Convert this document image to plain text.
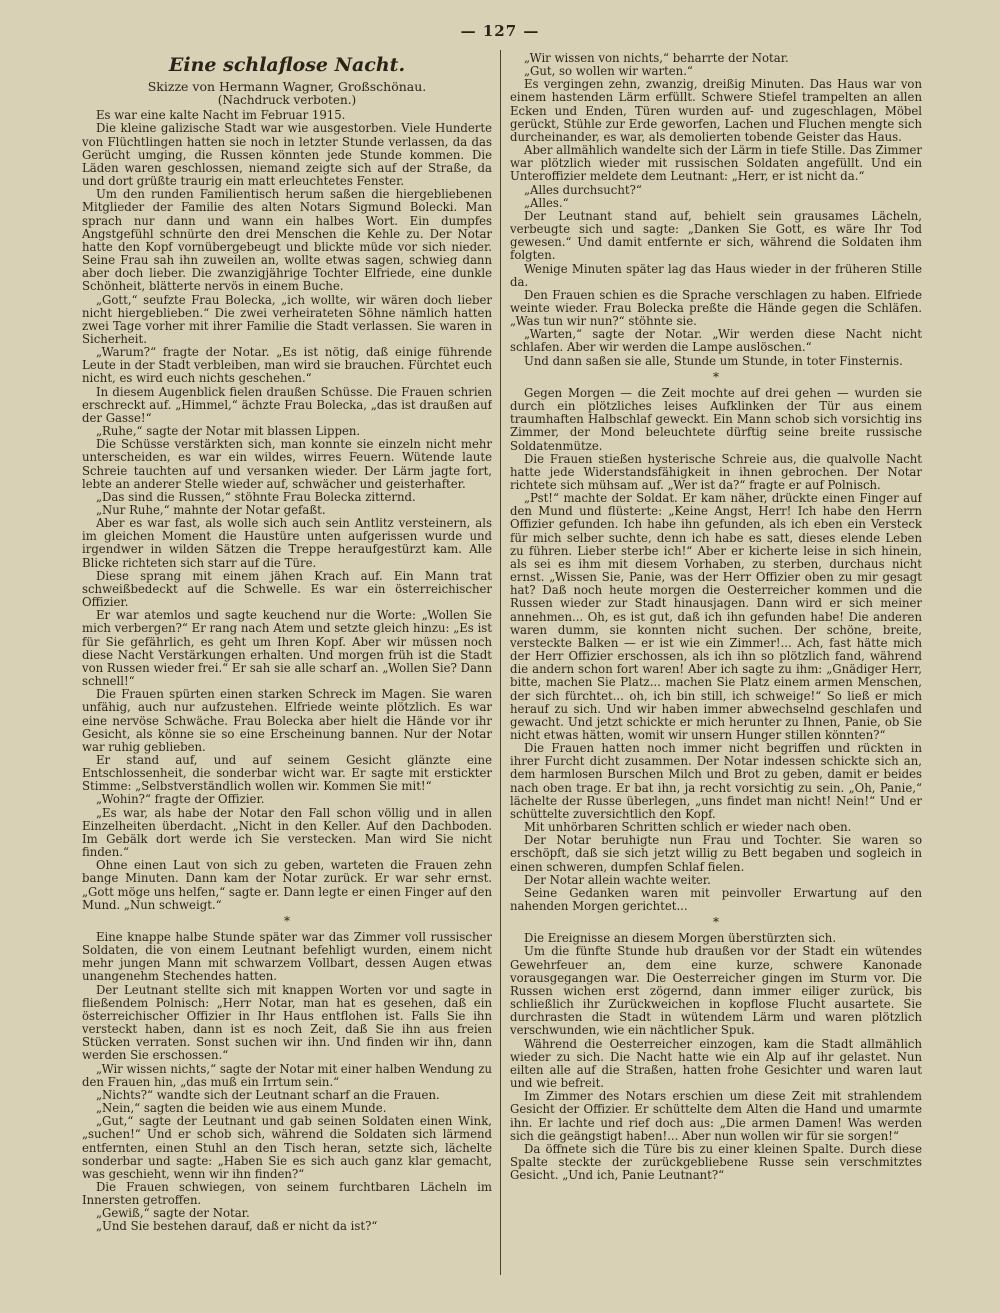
— 127 —
Eine schlaflose Nacht.
Skizze von Hermann Wagner, Großschönau.
(Nachdruck verboten.)

Es war eine kalte Nacht im Februar 1915.

Die kleine galizische Stadt war wie ausgestorben. Viele Hunderte von Flüchtlingen hatten sie noch in letzter Stunde verlassen, da das Gerücht umging, die Russen könnten jede Stunde kommen. Die Läden waren geschlossen, niemand zeigte sich auf der Straße, da und dort grüßte traurig ein matt erleuchtetes Fenster.

Um den runden Familientisch herum saßen die hiergebliebenen Mitglieder der Familie des alten Notars Sigmund Bolecki. Man sprach nur dann und wann ein halbes Wort. Ein dumpfes Angstgefühl schnürte den drei Menschen die Kehle zu. Der Notar hatte den Kopf vornübergebeugt und blickte müde vor sich nieder. Seine Frau sah ihn zuweilen an, wollte etwas sagen, schwieg dann aber doch lieber. Die zwanzigjährige Tochter Elfriede, eine dunkle Schönheit, blätterte nervös in einem Buche.

„Gott,“ seufzte Frau Bolecka, „ich wollte, wir wären doch lieber nicht hiergeblieben.“ Die zwei verheirateten Söhne nämlich hatten zwei Tage vorher mit ihrer Familie die Stadt verlassen. Sie waren in Sicherheit.

„Warum?“ fragte der Notar. „Es ist nötig, daß einige führende Leute in der Stadt verbleiben, man wird sie brauchen. Fürchtet euch nicht, es wird euch nichts geschehen.“

In diesem Augenblick fielen draußen Schüsse. Die Frauen schrien erschreckt auf. „Himmel,“ ächzte Frau Bolecka, „das ist draußen auf der Gasse!“

„Ruhe,“ sagte der Notar mit blassen Lippen.

Die Schüsse verstärkten sich, man konnte sie einzeln nicht mehr unterscheiden, es war ein wildes, wirres Feuern. Wütende laute Schreie tauchten auf und versanken wieder. Der Lärm jagte fort, lebte an anderer Stelle wieder auf, schwächer und geisterhafter.

„Das sind die Russen,“ stöhnte Frau Bolecka zitternd.

„Nur Ruhe,“ mahnte der Notar gefaßt.

Aber es war fast, als wolle sich auch sein Antlitz versteinern, als im gleichen Moment die Haustüre unten aufgerissen wurde und irgendwer in wilden Sätzen die Treppe heraufgestürzt kam. Alle Blicke richteten sich starr auf die Türe.

Diese sprang mit einem jähen Krach auf. Ein Mann trat schweißbedeckt auf die Schwelle. Es war ein österreichischer Offizier.

Er war atemlos und sagte keuchend nur die Worte: „Wollen Sie mich verbergen?“ Er rang nach Atem und setzte gleich hinzu: „Es ist für Sie gefährlich, es geht um Ihren Kopf. Aber wir müssen noch diese Nacht Verstärkungen erhalten. Und morgen früh ist die Stadt von Russen wieder frei.“ Er sah sie alle scharf an. „Wollen Sie? Dann schnell!“

Die Frauen spürten einen starken Schreck im Magen. Sie waren unfähig, auch nur aufzustehen. Elfriede weinte plötzlich. Es war eine nervöse Schwäche. Frau Bolecka aber hielt die Hände vor ihr Gesicht, als könne sie so eine Erscheinung bannen. Nur der Notar war ruhig geblieben.

Er stand auf, und auf seinem Gesicht glänzte eine Entschlossenheit, die sonderbar wicht war. Er sagte mit erstickter Stimme: „Selbstverständlich wollen wir. Kommen Sie mit!“

„Wohin?“ fragte der Offizier.

„Es war, als habe der Notar den Fall schon völlig und in allen Einzelheiten überdacht. „Nicht in den Keller. Auf den Dachboden. Im Gebälk dort werde ich Sie verstecken. Man wird Sie nicht finden.“

Ohne einen Laut von sich zu geben, warteten die Frauen zehn bange Minuten. Dann kam der Notar zurück. Er war sehr ernst. „Gott möge uns helfen,“ sagte er. Dann legte er einen Finger auf den Mund. „Nun schweigt.“

*

Eine knappe halbe Stunde später war das Zimmer voll russischer Soldaten, die von einem Leutnant befehligt wurden, einem nicht mehr jungen Mann mit schwarzem Vollbart, dessen Augen etwas unangenehm Stechendes hatten.

Der Leutnant stellte sich mit knappen Worten vor und sagte in fließendem Polnisch: „Herr Notar, man hat es gesehen, daß ein österreichischer Offizier in Ihr Haus entflohen ist. Falls Sie ihn versteckt haben, dann ist es noch Zeit, daß Sie ihn aus freien Stücken verraten. Sonst suchen wir ihn. Und finden wir ihn, dann werden Sie erschossen.“

„Wir wissen nichts,“ sagte der Notar mit einer halben Wendung zu den Frauen hin, „das muß ein Irrtum sein.“

„Nichts?“ wandte sich der Leutnant scharf an die Frauen.

„Nein,“ sagten die beiden wie aus einem Munde.

„Gut,“ sagte der Leutnant und gab seinen Soldaten einen Wink, „suchen!“ Und er schob sich, während die Soldaten sich lärmend entfernten, einen Stuhl an den Tisch heran, setzte sich, lächelte sonderbar und sagte: „Haben Sie es sich auch ganz klar gemacht, was geschieht, wenn wir ihn finden?“

Die Frauen schwiegen, von seinem furchtbaren Lächeln im Innersten getroffen.

„Gewiß,“ sagte der Notar.

„Und Sie bestehen darauf, daß er nicht da ist?“

„Wir wissen von nichts,“ beharrte der Notar.

„Gut, so wollen wir warten.“

Es vergingen zehn, zwanzig, dreißig Minuten. Das Haus war von einem hastenden Lärm erfüllt. Schwere Stiefel trampelten an allen Ecken und Enden, Türen wurden auf- und zugeschlagen, Möbel gerückt, Stühle zur Erde geworfen, Lachen und Fluchen mengte sich durcheinander, es war, als demolierten tobende Geister das Haus.

Aber allmählich wandelte sich der Lärm in tiefe Stille. Das Zimmer war plötzlich wieder mit russischen Soldaten angefüllt. Und ein Unteroffizier meldete dem Leutnant: „Herr, er ist nicht da.“

„Alles durchsucht?“

„Alles.“

Der Leutnant stand auf, behielt sein grausames Lächeln, verbeugte sich und sagte: „Danken Sie Gott, es wäre Ihr Tod gewesen.“ Und damit entfernte er sich, während die Soldaten ihm folgten.

Wenige Minuten später lag das Haus wieder in der früheren Stille da.

Den Frauen schien es die Sprache verschlagen zu haben. Elfriede weinte wieder. Frau Bolecka preßte die Hände gegen die Schläfen. „Was tun wir nun?“ stöhnte sie.

„Warten,“ sagte der Notar. „Wir werden diese Nacht nicht schlafen. Aber wir werden die Lampe auslöschen.“

Und dann saßen sie alle, Stunde um Stunde, in toter Finsternis.

*

Gegen Morgen — die Zeit mochte auf drei gehen — wurden sie durch ein plötzliches leises Aufklinken der Tür aus einem traumhaften Halbschlaf geweckt. Ein Mann schob sich vorsichtig ins Zimmer, der Mond beleuchtete dürftig seine breite russische Soldatenmütze.

Die Frauen stießen hysterische Schreie aus, die qualvolle Nacht hatte jede Widerstandsfähigkeit in ihnen gebrochen. Der Notar richtete sich mühsam auf. „Wer ist da?“ fragte er auf Polnisch.

„Pst!“ machte der Soldat. Er kam näher, drückte einen Finger auf den Mund und flüsterte: „Keine Angst, Herr! Ich habe den Herrn Offizier gefunden. Ich habe ihn gefunden, als ich eben ein Versteck für mich selber suchte, denn ich habe es satt, dieses elende Leben zu führen. Lieber sterbe ich!“ Aber er kicherte leise in sich hinein, als sei es ihm mit diesem Vorhaben, zu sterben, durchaus nicht ernst. „Wissen Sie, Panie, was der Herr Offizier oben zu mir gesagt hat? Daß noch heute morgen die Oesterreicher kommen und die Russen wieder zur Stadt hinausjagen. Dann wird er sich meiner annehmen... Oh, es ist gut, daß ich ihn gefunden habe! Die anderen waren dumm, sie konnten nicht suchen. Der schöne, breite, versteckte Balken — er ist wie ein Zimmer!... Ach, fast hätte mich der Herr Offizier erschossen, als ich ihn so plötzlich fand, während die andern schon fort waren! Aber ich sagte zu ihm: „Gnädiger Herr, bitte, machen Sie Platz... machen Sie Platz einem armen Menschen, der sich fürchtet... oh, ich bin still, ich schweige!“ So ließ er mich herauf zu sich. Und wir haben immer abwechselnd geschlafen und gewacht. Und jetzt schickte er mich herunter zu Ihnen, Panie, ob Sie nicht etwas hätten, womit wir unsern Hunger stillen könnten?“

Die Frauen hatten noch immer nicht begriffen und rückten in ihrer Furcht dicht zusammen. Der Notar indessen schickte sich an, dem harmlosen Burschen Milch und Brot zu geben, damit er beides nach oben trage. Er bat ihn, ja recht vorsichtig zu sein. „Oh, Panie,“ lächelte der Russe überlegen, „uns findet man nicht! Nein!“ Und er schüttelte zuversichtlich den Kopf.

Mit unhörbaren Schritten schlich er wieder nach oben.

Der Notar beruhigte nun Frau und Tochter. Sie waren so erschöpft, daß sie sich jetzt willig zu Bett begaben und sogleich in einen schweren, dumpfen Schlaf fielen.

Der Notar allein wachte weiter.

Seine Gedanken waren mit peinvoller Erwartung auf den nahenden Morgen gerichtet...

*

Die Ereignisse an diesem Morgen überstürzten sich.

Um die fünfte Stunde hub draußen vor der Stadt ein wütendes Gewehrfeuer an, dem eine kurze, schwere Kanonade vorausgegangen war. Die Oesterreicher gingen im Sturm vor. Die Russen wichen erst zögernd, dann immer eiliger zurück, bis schließlich ihr Zurückweichen in kopflose Flucht ausartete. Sie durchrasten die Stadt in wütendem Lärm und waren plötzlich verschwunden, wie ein nächtlicher Spuk.

Während die Oesterreicher einzogen, kam die Stadt allmählich wieder zu sich. Die Nacht hatte wie ein Alp auf ihr gelastet. Nun eilten alle auf die Straßen, hatten frohe Gesichter und waren laut und wie befreit.

Im Zimmer des Notars erschien um diese Zeit mit strahlendem Gesicht der Offizier. Er schüttelte dem Alten die Hand und umarmte ihn. Er lachte und rief doch aus: „Die armen Damen! Was werden sich die geängstigt haben!... Aber nun wollen wir für sie sorgen!“

Da öffnete sich die Türe bis zu einer kleinen Spalte. Durch diese Spalte steckte der zurückgebliebene Russe sein verschmitztes Gesicht. „Und ich, Panie Leutnant?“
